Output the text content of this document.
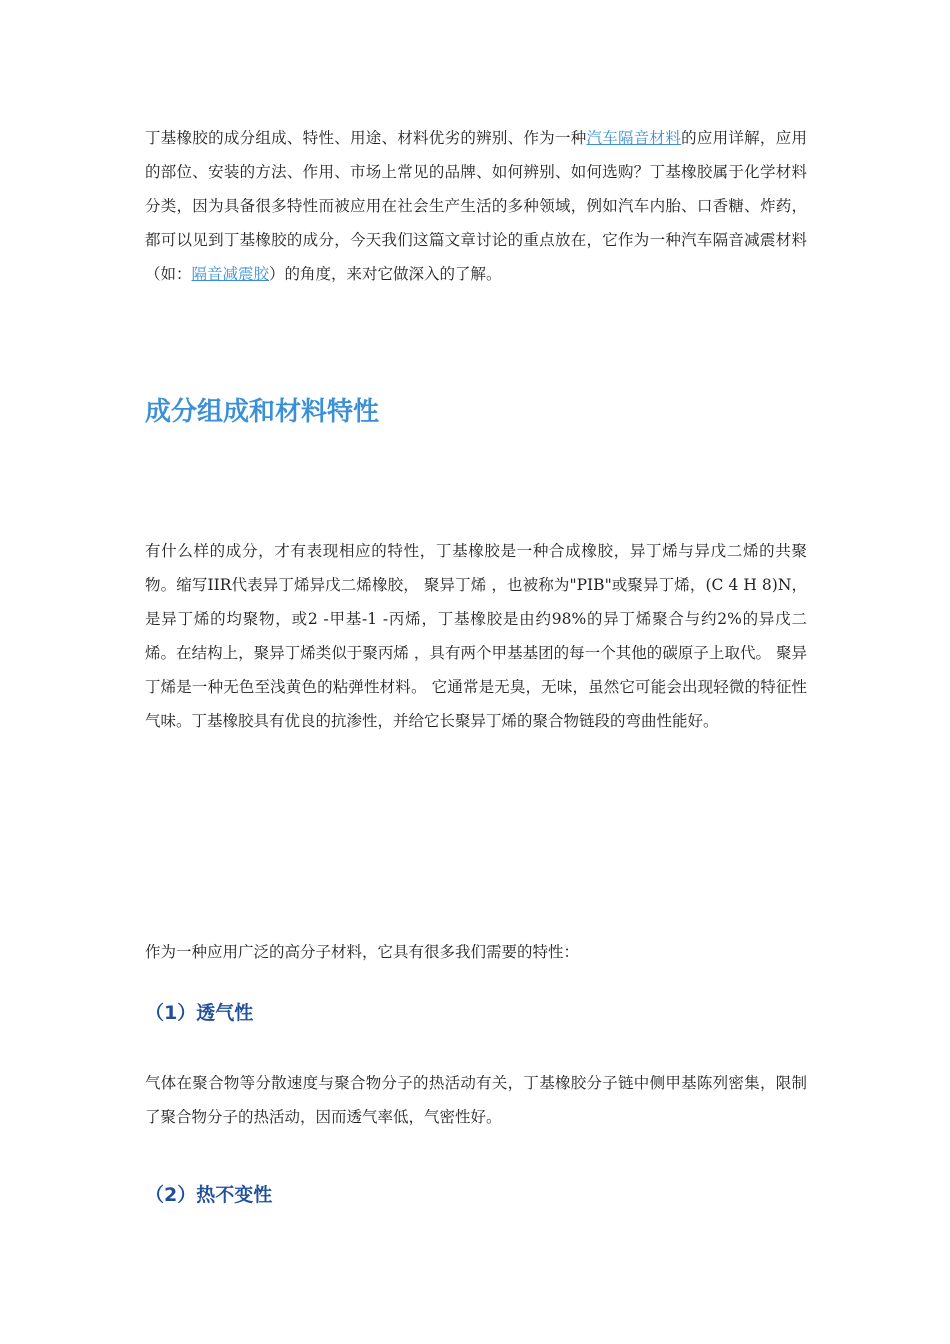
丁基橡胶的成分组成、特性、用途、材料优劣的辨别、作为一种汽车隔音材料的应用详解，应用的部位、安装的方法、作用、市场上常见的品牌、如何辨别、如何选购？丁基橡胶属于化学材料分类，因为具备很多特性而被应用在社会生产生活的多种领域，例如汽车内胎、口香糖、炸药，都可以见到丁基橡胶的成分，今天我们这篇文章讨论的重点放在，它作为一种汽车隔音减震材料（如：隔音减震胶）的角度，来对它做深入的了解。

成分组成和材料特性

有什么样的成分，才有表现相应的特性，丁基橡胶是一种合成橡胶，异丁烯与异戊二烯的共聚物。缩写IIR代表异丁烯异戊二烯橡胶， 聚异丁烯 ，也被称为"PIB"或聚异丁烯，(C 4 H 8)N，是异丁烯的均聚物，或2 -甲基-1 -丙烯，丁基橡胶是由约98%的异丁烯聚合与约2%的异戊二烯。在结构上，聚异丁烯类似于聚丙烯 ，具有两个甲基基团的每一个其他的碳原子上取代。 聚异丁烯是一种无色至浅黄色的粘弹性材料。 它通常是无臭，无味，虽然它可能会出现轻微的特征性气味。丁基橡胶具有优良的抗渗性，并给它长聚异丁烯的聚合物链段的弯曲性能好。

作为一种应用广泛的高分子材料，它具有很多我们需要的特性：

（1）透气性

气体在聚合物等分散速度与聚合物分子的热活动有关，丁基橡胶分子链中侧甲基陈列密集，限制了聚合物分子的热活动，因而透气率低，气密性好。

（2）热不变性
